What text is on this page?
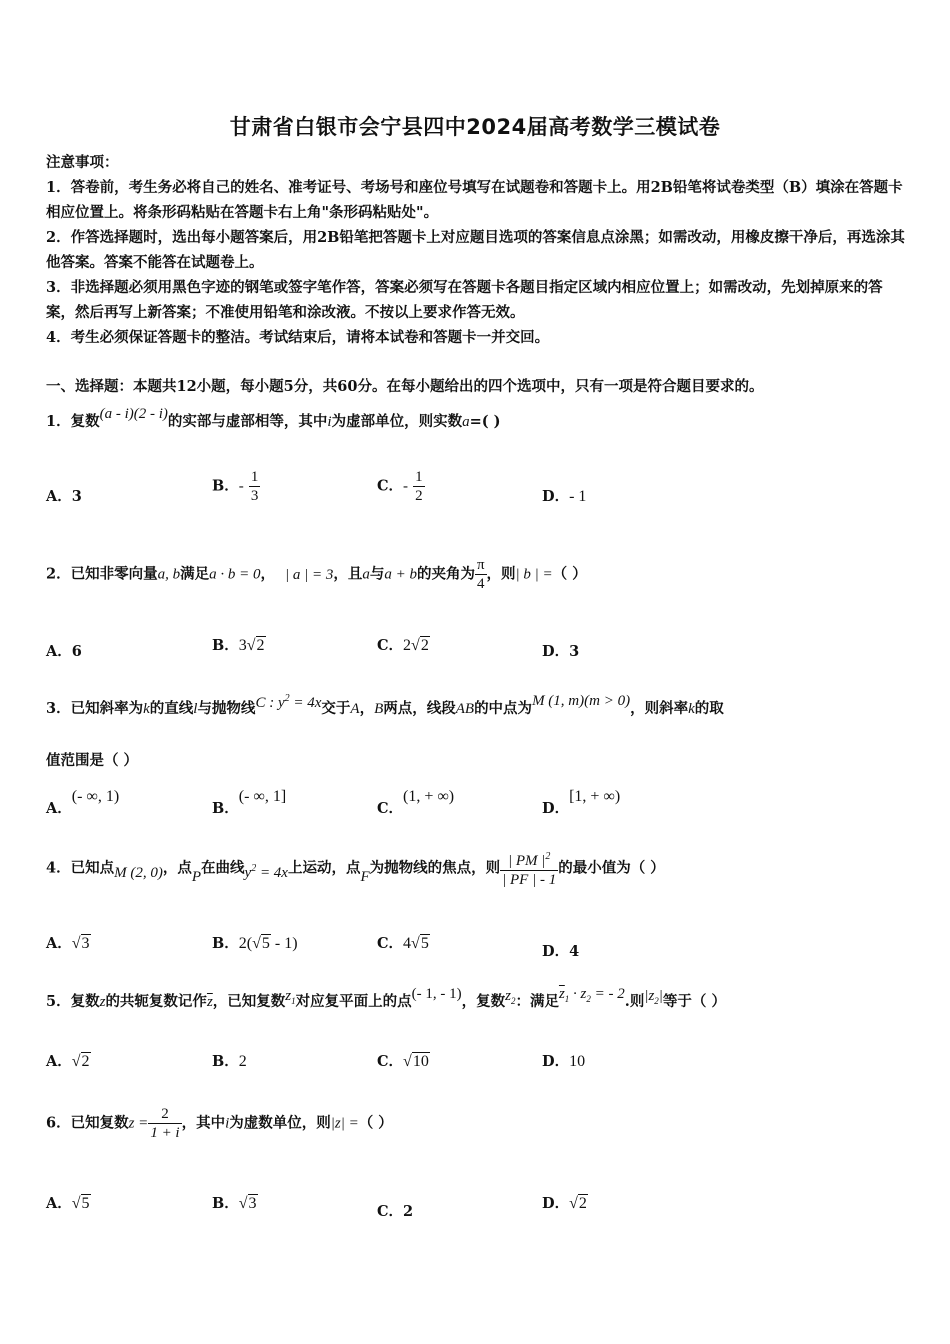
甘肃省白银市会宁县四中2024届高考数学三模试卷
注意事项：
1．答卷前，考生务必将自己的姓名、准考证号、考场号和座位号填写在试题卷和答题卡上。用2B铅笔将试卷类型（B）填涂在答题卡相应位置上。将条形码粘贴在答题卡右上角"条形码粘贴处"。
2．作答选择题时，选出每小题答案后，用2B铅笔把答题卡上对应题目选项的答案信息点涂黑；如需改动，用橡皮擦干净后，再选涂其他答案。答案不能答在试题卷上。
3．非选择题必须用黑色字迹的钢笔或签字笔作答，答案必须写在答题卡各题目指定区域内相应位置上；如需改动，先划掉原来的答案，然后再写上新答案；不准使用铅笔和涂改液。不按以上要求作答无效。
4．考生必须保证答题卡的整洁。考试结束后，请将本试卷和答题卡一并交回。
一、选择题：本题共12小题，每小题5分，共60分。在每小题给出的四个选项中，只有一项是符合题目要求的。
1．复数(a - i)(2 - i)的实部与虚部相等，其中i为虚部单位，则实数a=( )
A．3
B．- $\frac{1}{3}$	C．- $\frac{1}{2}$	D．- 1
2．已知非零向量a, b满足a · b = 0， | a | = 3，且a与a + b的夹角为 $\frac{\pi}{4}$ ，则| b | =（ ）
A．6	B．3√2	C．2√2	D．3
3．已知斜率为k的直线l与抛物线C : $y^2 = 4x$交于A，B两点，线段AB的中点为M (1, m)(m > 0)，则斜率k的取
值范围是（ ）
A．(- ∞, 1)
B．(- ∞, 1]
C．(1, + ∞)
D．[1, + ∞)
4．已知点M (2, 0)，点P在曲线$y^2 = 4x$上运动，点F为抛物线的焦点，则 $\frac{| PM |^2}{| PF | - 1}$ 的最小值为（ ）
A．√3	B．2(√5 - 1)	C．4√5	D．4
5．复数z的共轭复数记作$\overline{z}$，已知复数$z_1$对应复平面上的点(- 1, - 1)，复数$z_2$：满足$\overline{z}_1 \cdot z_2$ = - 2.则$|z_2|$等于（ ）
A．√2	B．2	C．√10	D．10
6．已知复数$z = \frac{2}{1 + i}$ ，其中i为虚数单位，则|z| =（ ）
A．√5	B．√3	C．2	D．√2
